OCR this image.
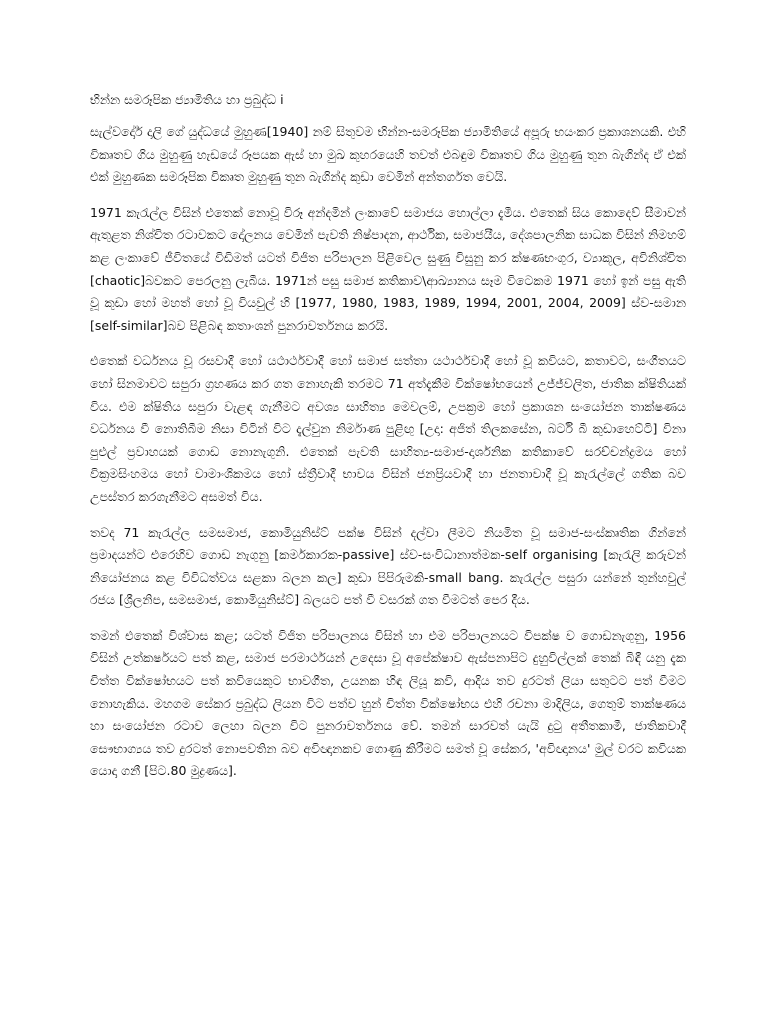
භින්න සමරූපික ජ්‍යාමිතිය හා ප්‍රබුද්ධ i

සැල්වදෝර් දාලි ගේ යුද්ධයේ මුහුණ[1940] නම් සිතුවම භින්න-සමරූපික ජ්‍යාමිතියේ අපූරු භයංකර ප්‍රකාශනයකි. එහි විකෘතව ගිය මුහුණු හැඩයේ රූපයක ඇස් හා මුඛ කුහරයෙහි තවත් එබඳුම විකෘතව ගිය මුහුණු තුන බැගින්ද ඒ එක් එක් මුහුණක සමරූපික විකෘත මුහුණු තුන බැගින්ද කුඩා වෙමින් අන්තර්ගත වෙයි.

1971 කැරැල්ල විසින් එතෙක් නොවූ විරූ අන්දමින් ලංකාවේ සමාජය හොල්ලා දැමීය. එතෙක් සිය කොදෙව් සීමාවන් ඇතුළත නිශ්චිත රටාවකට දෝලනය වෙමින් පැවති නිෂ්පාදන, ආර්ථික, සමාජයීය, දේශපාලනික සාධක විසින් නිමහම් කළ ලංකාවේ ජීවිතයේ විඩිමත් යටත් විජිත පරිපාලන පිළිවෙල සුණු විසුනු කර ක්ෂණභංගුර, ව්‍යාකූල, අවිනිශ්චිත [chaotic]බවකට පෙරලනු ලැබීය. 1971න් පසු සමාජ කතිකාව\ආඛ්‍යානය සෑම විටෙකම 1971 හෝ ඉන් පසු ඇති වූ කුඩා හෝ මහත් හෝ වූ වියවුල් හි [1977, 1980, 1983, 1989, 1994, 2001, 2004, 2009] ස්ව-සමාන [self-similar]බව පිළිබඳ කතාංශන් පුනරාවර්තනය කරයි.

එතෙක් වර්ධනය වූ රසවාදී හෝ යථාර්ථවාදී හෝ සමාජ සත්තා යථාර්ථවාදී හෝ වූ කවියට, කතාවට, සංගීතයට හෝ සිනමාවට සපුරා ග්‍රහණය කර ගත නොහැකි තරමට 71 අත්දැකීම වික්ෂෝභයෙන් උජ්ජ්වලිත, ජාතික ක්ෂිතියක් විය. එම ක්ෂිතිය සපුරා වැළඳ ගැනීමට අවශ්‍ය සාහිත්‍ය මෙවලම්, උපක්‍රම හෝ ප්‍රකාශන සංයෝජන තාක්ෂණය වර්ධනය වී නොතිබීම නිසා විටින් විට දැල්වුන නිර්මාණ පුළිඟු [උදා: අජිත් තිලකසේන, බර්ටි බී කුඩාහෙට්ටි] විනා පුළුල් ප්‍රවාහයක් ගොඩ නොනැගුනි. එතෙක් පැවති සාහිත්‍ය-සමාජ-දාර්ශනික කතිකාවේ සරච්චන්ද්‍රමය හෝ වික්‍රමසිංහමය හෝ වාමාංශිකමය හෝ ස්ත්‍රීවාදී භාවය විසින් ජනප්‍රියවාදී හා ජනතාවාදී වූ කැරැල්ලේ ගතික බව උපස්තර කරගැනීමට අසමත් විය.

තවද 71 කැරැල්ල සමසමාජ, කොමියුනිස්ට් පක්ෂ විසින් දල්වා ලීමට නියමිත වූ සමාජ-සංස්කෘතික ගින්නේ ප්‍රමාදයන්ට එරෙහිව ගොඩ නැගුනු [කර්මකාරක-passive] ස්ව-සංවිධානාත්මක-self organising [කැරැලි කරුවන් නියෝජනය කළ විවිධත්වය සළකා බලන කල] කුඩා පිපිරුමකි-small bang. කැරැල්ල පසුරා යන්නේ තුන්හවුල් රජය [ශ්‍රීලනිප, සමසමාජ, කොමියුනිස්ට්] බලයට පත් වී වසරක් ගත වීමටත් පෙර දීය.

තමන් එතෙක් විශ්වාස කළ; යටත් විජිත පරිපාලනය විසින් හා එම පරිපාලනයට විපක්ෂ ව ගොඩනැගුනු, 1956 විසින් උත්කර්ෂයට පත් කළ, සමාජ පරමාර්ථයන් උදෙසා වූ අපේක්ෂාව ඇස්පනාපිට දුහුවිල්ලක් තෙක් බිඳී යනු දැක චිත්ත වික්ෂෝභයට පත් කවියෙකුට භාවගීත, උයනක හිඳ ලියූ කවි, ආදිය තව දුරටත් ලියා සතුටට පත් වීමට නොහැකිය. මහගම සේකර ප්‍රබුද්ධ ලියන විට පත්ව හුන් චිත්ත වික්ෂෝභය එහි රචනා මාදිලිය, ගෙතුම් තාක්ෂණය හා සංයෝජන රටාව ලෙහා බලන විට පුනරාවර්තනය වේ. තමන් සාරවත් යැයි දුටු අතීතකාමී, ජාතිකවාදී සෞභාග්‍යය තව දුරටත් නොපවතින බව අවිඥානකව ගොණු කිරීමට සමත් වූ සේකර, 'අවිඥානය' මුල් වරට කවියක යොදා ගනී [පිට.80 මුද්‍රණය].
